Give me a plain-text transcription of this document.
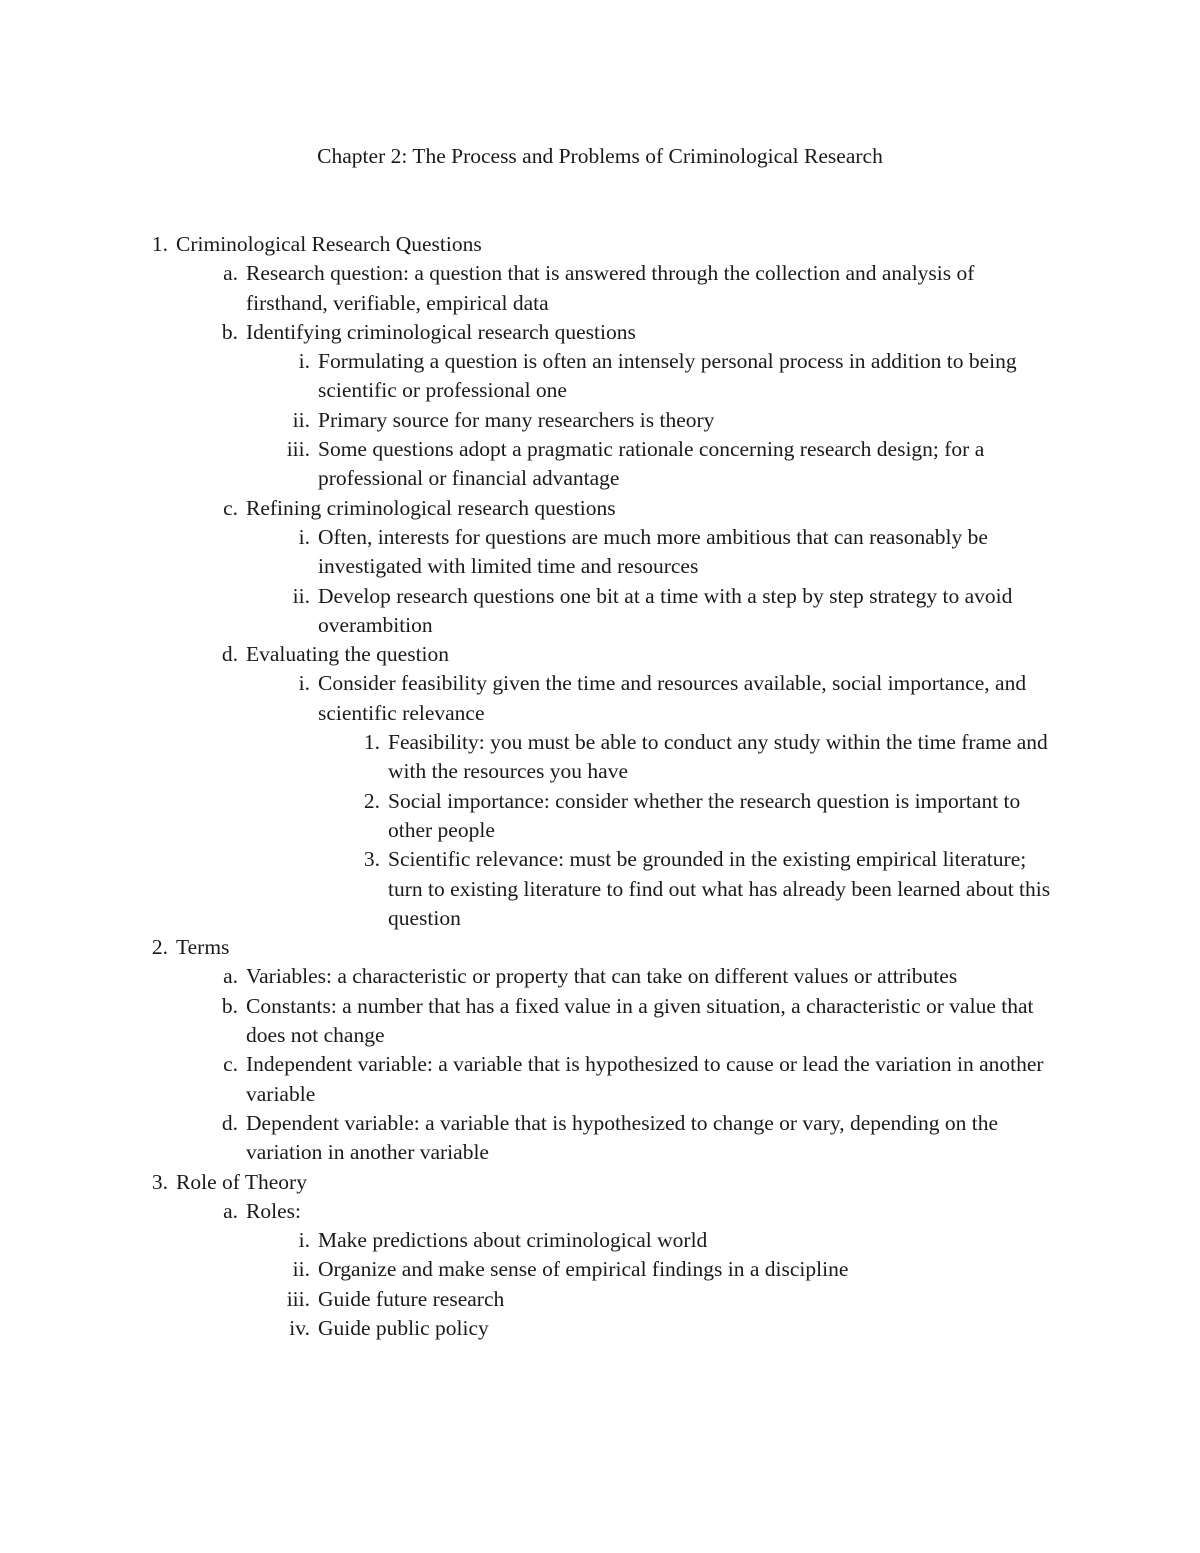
Chapter 2: The Process and Problems of Criminological Research
1. Criminological Research Questions
a. Research question: a question that is answered through the collection and analysis of firsthand, verifiable, empirical data
b. Identifying criminological research questions
i. Formulating a question is often an intensely personal process in addition to being scientific or professional one
ii. Primary source for many researchers is theory
iii. Some questions adopt a pragmatic rationale concerning research design; for a professional or financial advantage
c. Refining criminological research questions
i. Often, interests for questions are much more ambitious that can reasonably be investigated with limited time and resources
ii. Develop research questions one bit at a time with a step by step strategy to avoid overambition
d. Evaluating the question
i. Consider feasibility given the time and resources available, social importance, and scientific relevance
1. Feasibility: you must be able to conduct any study within the time frame and with the resources you have
2. Social importance: consider whether the research question is important to other people
3. Scientific relevance: must be grounded in the existing empirical literature; turn to existing literature to find out what has already been learned about this question
2. Terms
a. Variables: a characteristic or property that can take on different values or attributes
b. Constants: a number that has a fixed value in a given situation, a characteristic or value that does not change
c. Independent variable: a variable that is hypothesized to cause or lead the variation in another variable
d. Dependent variable: a variable that is hypothesized to change or vary, depending on the variation in another variable
3. Role of Theory
a. Roles:
i. Make predictions about criminological world
ii. Organize and make sense of empirical findings in a discipline
iii. Guide future research
iv. Guide public policy
